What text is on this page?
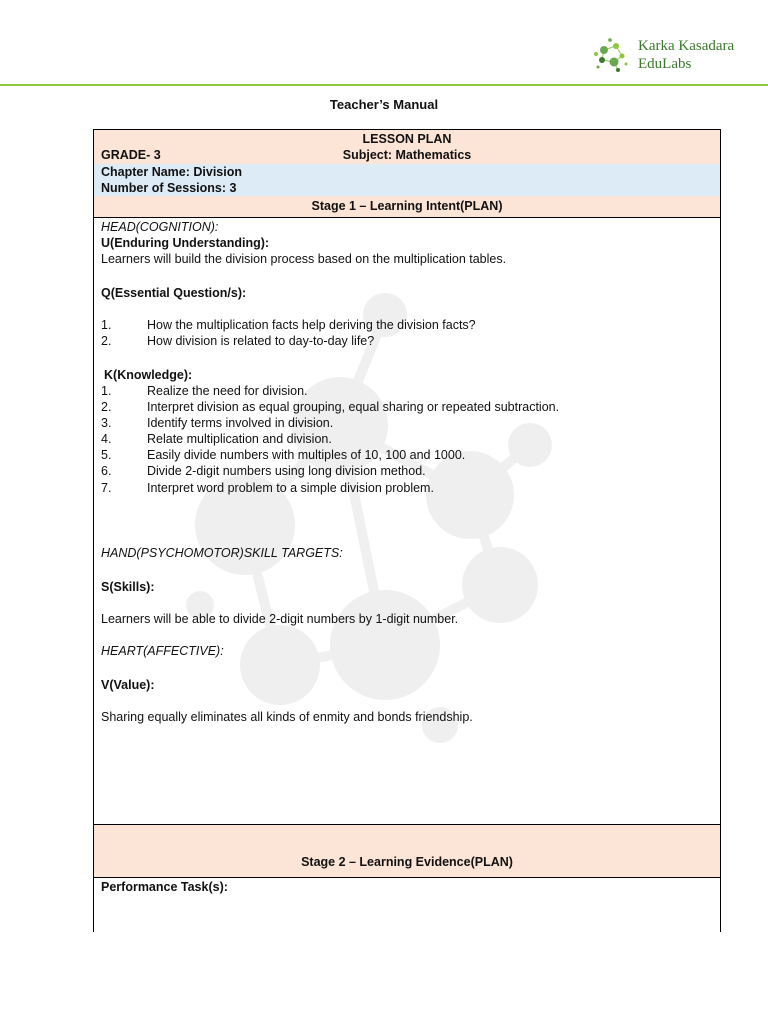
Karka Kasadara
EduLabs
Teacher’s Manual
LESSON PLAN
GRADE- 3	Subject: Mathematics
Chapter Name: Division
Number of Sessions: 3
Stage 1 – Learning Intent(PLAN)
HEAD(COGNITION):
U(Enduring Understanding):
Learners will build the division process based on the multiplication tables.
Q(Essential Question/s):
1.	How the multiplication facts help deriving the division facts?
2.	How division is related to day-to-day life?
K(Knowledge):
1.	Realize the need for division.
2.	Interpret division as equal grouping, equal sharing or repeated subtraction.
3.	Identify terms involved in division.
4.	Relate multiplication and division.
5.	Easily divide numbers with multiples of 10, 100 and 1000.
6.	Divide 2-digit numbers using long division method.
7.	Interpret word problem to a simple division problem.
HAND(PSYCHOMOTOR)SKILL TARGETS:
S(Skills):
Learners will be able to divide 2-digit numbers by 1-digit number.
HEART(AFFECTIVE):
V(Value):
Sharing equally eliminates all kinds of enmity and bonds friendship.
Stage 2 – Learning Evidence(PLAN)
Performance Task(s):
